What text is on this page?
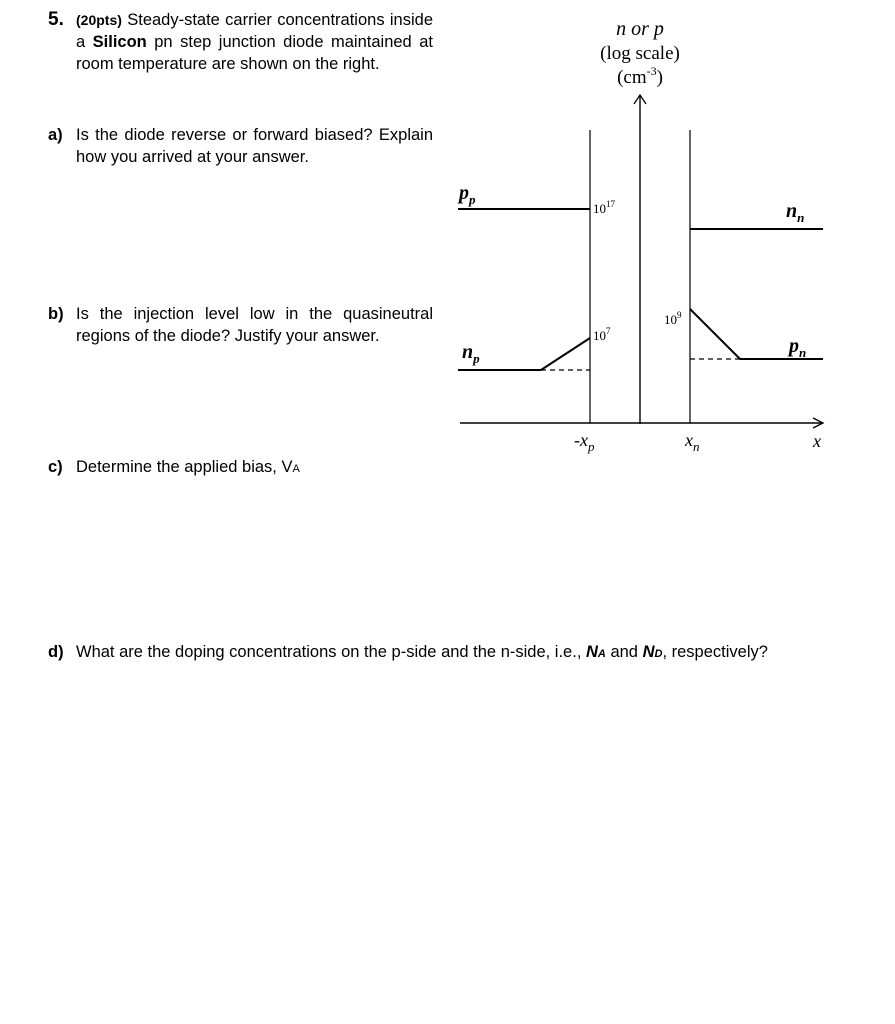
5. (20pts) Steady-state carrier concentrations inside a Silicon pn step junction diode maintained at room temperature are shown on the right.
a) Is the diode reverse or forward biased? Explain how you arrived at your answer.
b) Is the injection level low in the quasineutral regions of the diode? Justify your answer.
c) Determine the applied bias, VA
d) What are the doping concentrations on the p-side and the n-side, i.e., NA and ND, respectively?
n or p
(log scale)
$(cm^{-3})$
$p_p$
$10^{17}$	$n_n$
$n_p$
$10^7$
$p_n$
$10^9$
$-x_p$	$x_n$	x
